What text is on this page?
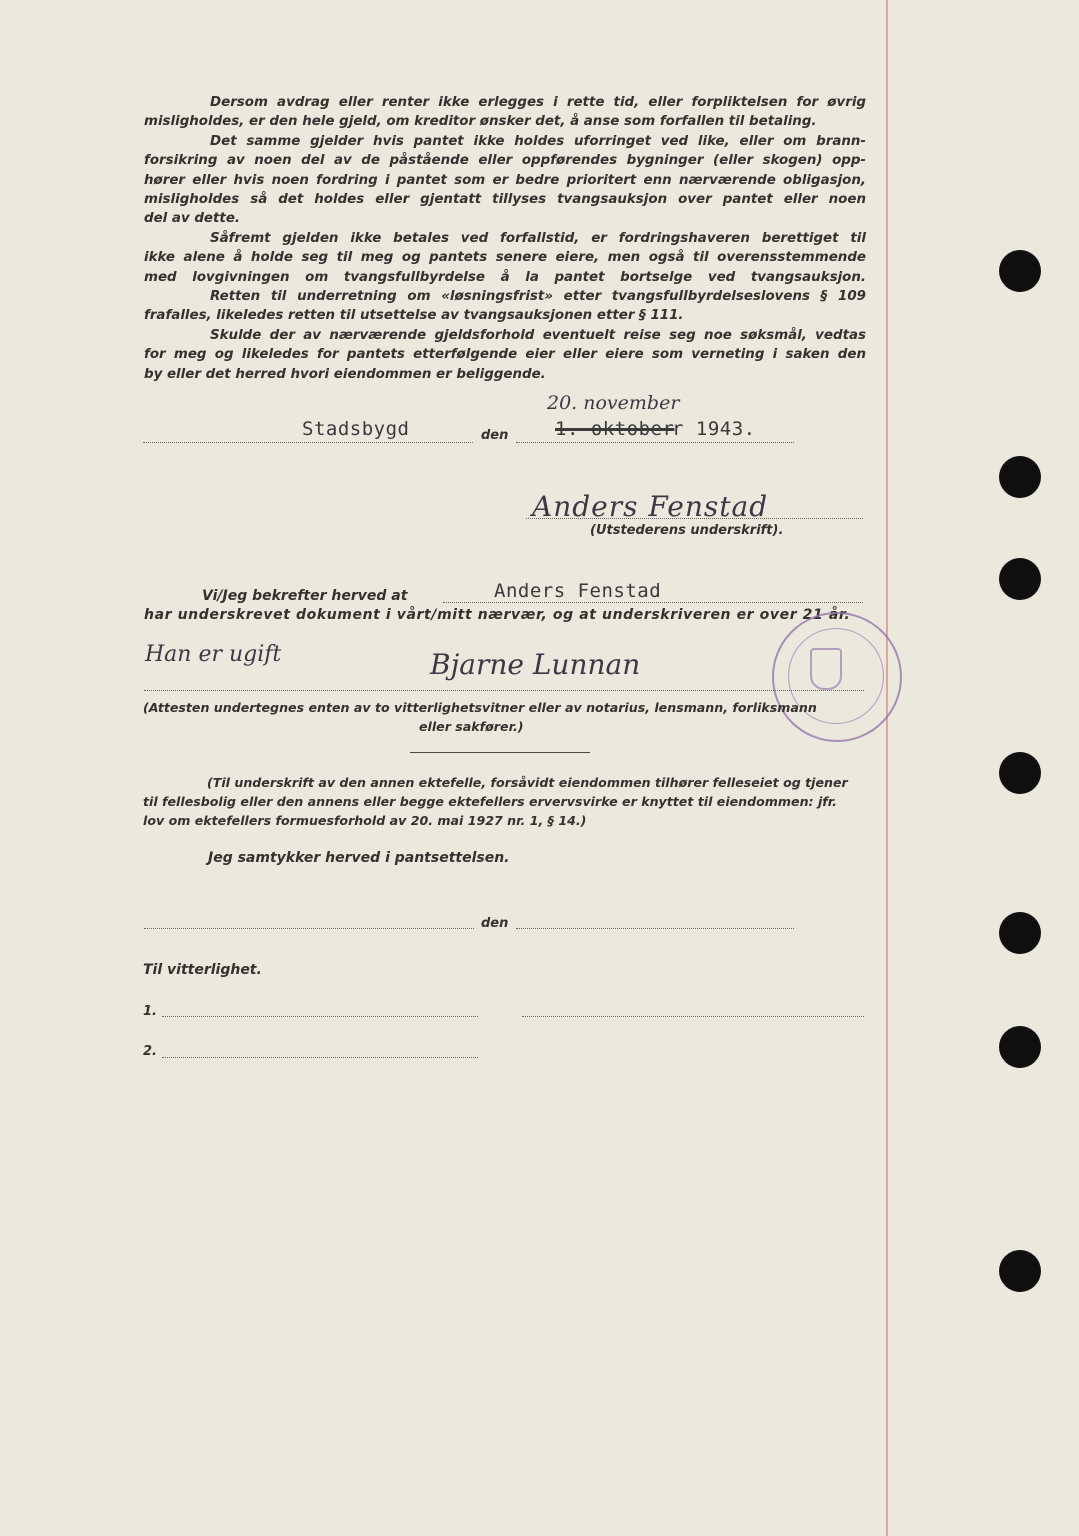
Dersom avdrag eller renter ikke erlegges i rette tid, eller forpliktelsen for øvrig
misligholdes, er den hele gjeld, om kreditor ønsker det, å anse som forfallen til betaling.

Det samme gjelder hvis pantet ikke holdes uforringet ved like, eller om brann-
forsikring av noen del av de påstående eller oppførendes bygninger (eller skogen) opp-
hører eller hvis noen fordring i pantet som er bedre prioritert enn nærværende obligasjon,
misligholdes så det holdes eller gjentatt tillyses tvangsauksjon over pantet eller noen
del av dette.

Såfremt gjelden ikke betales ved forfallstid, er fordringshaveren berettiget til
ikke alene å holde seg til meg og pantets senere eiere, men også til overensstemmende
med lovgivningen om tvangsfullbyrdelse å la pantet bortselge ved tvangsauksjon.

Retten til underretning om «løsningsfrist» etter tvangsfullbyrdelseslovens § 109
frafalles, likeledes retten til utsettelse av tvangsauksjonen etter § 111.

Skulde der av nærværende gjeldsforhold eventuelt reise seg noe søksmål, vedtas
for meg og likeledes for pantets etterfølgende eier eller eiere som verneting i saken den
by eller det herred hvori eiendommen er beliggende.

Stadsbygd	den
20. november
1. oktober
r 1943.
Anders Fenstad
(Utstederens underskrift).
Vi/Jeg bekrefter herved at	Anders Fenstad
har underskrevet dokument i vårt/mitt nærvær, og at underskriveren er over 21 år.
Han er ugift	Bjarne Lunnan
(Attesten undertegnes enten av to vitterlighetsvitner eller av notarius, lensmann, forliksmann
eller sakfører.)
(Til underskrift av den annen ektefelle, forsåvidt eiendommen tilhører felleseiet og tjener
til fellesbolig eller den annens eller begge ektefellers ervervsvirke er knyttet til eiendommen: jfr.
lov om ektefellers formuesforhold av 20. mai 1927 nr. 1, § 14.)
Jeg samtykker herved i pantsettelsen.
den
Til vitterlighet.
1.
2.
